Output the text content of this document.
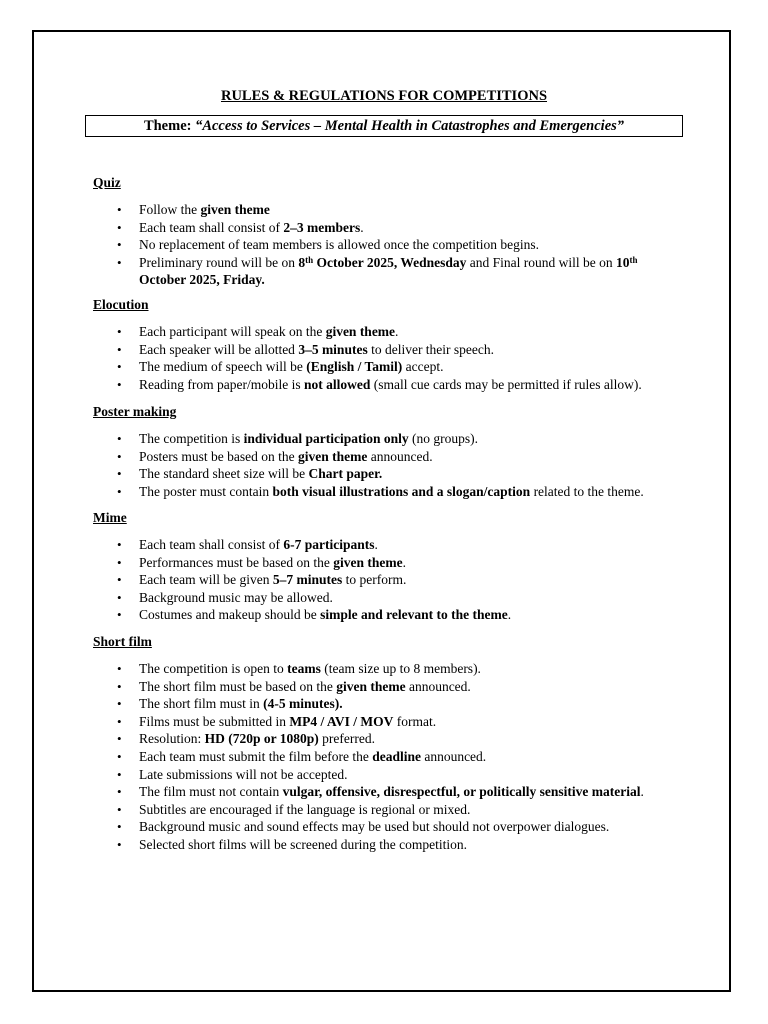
RULES & REGULATIONS FOR COMPETITIONS
Theme: “Access to Services – Mental Health in Catastrophes and Emergencies”

Quiz

• Follow the given theme
• Each team shall consist of 2–3 members.
• No replacement of team members is allowed once the competition begins.
• Preliminary round will be on 8th October 2025, Wednesday and Final round will be on 10th
October 2025, Friday.

Elocution

• Each participant will speak on the given theme.
• Each speaker will be allotted 3–5 minutes to deliver their speech.
• The medium of speech will be (English / Tamil) accept.
• Reading from paper/mobile is not allowed (small cue cards may be permitted if rules allow).

Poster making

• The competition is individual participation only (no groups).
• Posters must be based on the given theme announced.
• The standard sheet size will be Chart paper.
• The poster must contain both visual illustrations and a slogan/caption related to the theme.

Mime

• Each team shall consist of 6-7 participants.
• Performances must be based on the given theme.
• Each team will be given 5–7 minutes to perform.
• Background music may be allowed.
• Costumes and makeup should be simple and relevant to the theme.

Short film

• The competition is open to teams (team size up to 8 members).
• The short film must be based on the given theme announced.
• The short film must in (4-5 minutes).
• Films must be submitted in MP4 / AVI / MOV format.
• Resolution: HD (720p or 1080p) preferred.
• Each team must submit the film before the deadline announced.
• Late submissions will not be accepted.
• The film must not contain vulgar, offensive, disrespectful, or politically sensitive material.
• Subtitles are encouraged if the language is regional or mixed.
• Background music and sound effects may be used but should not overpower dialogues.
• Selected short films will be screened during the competition.
